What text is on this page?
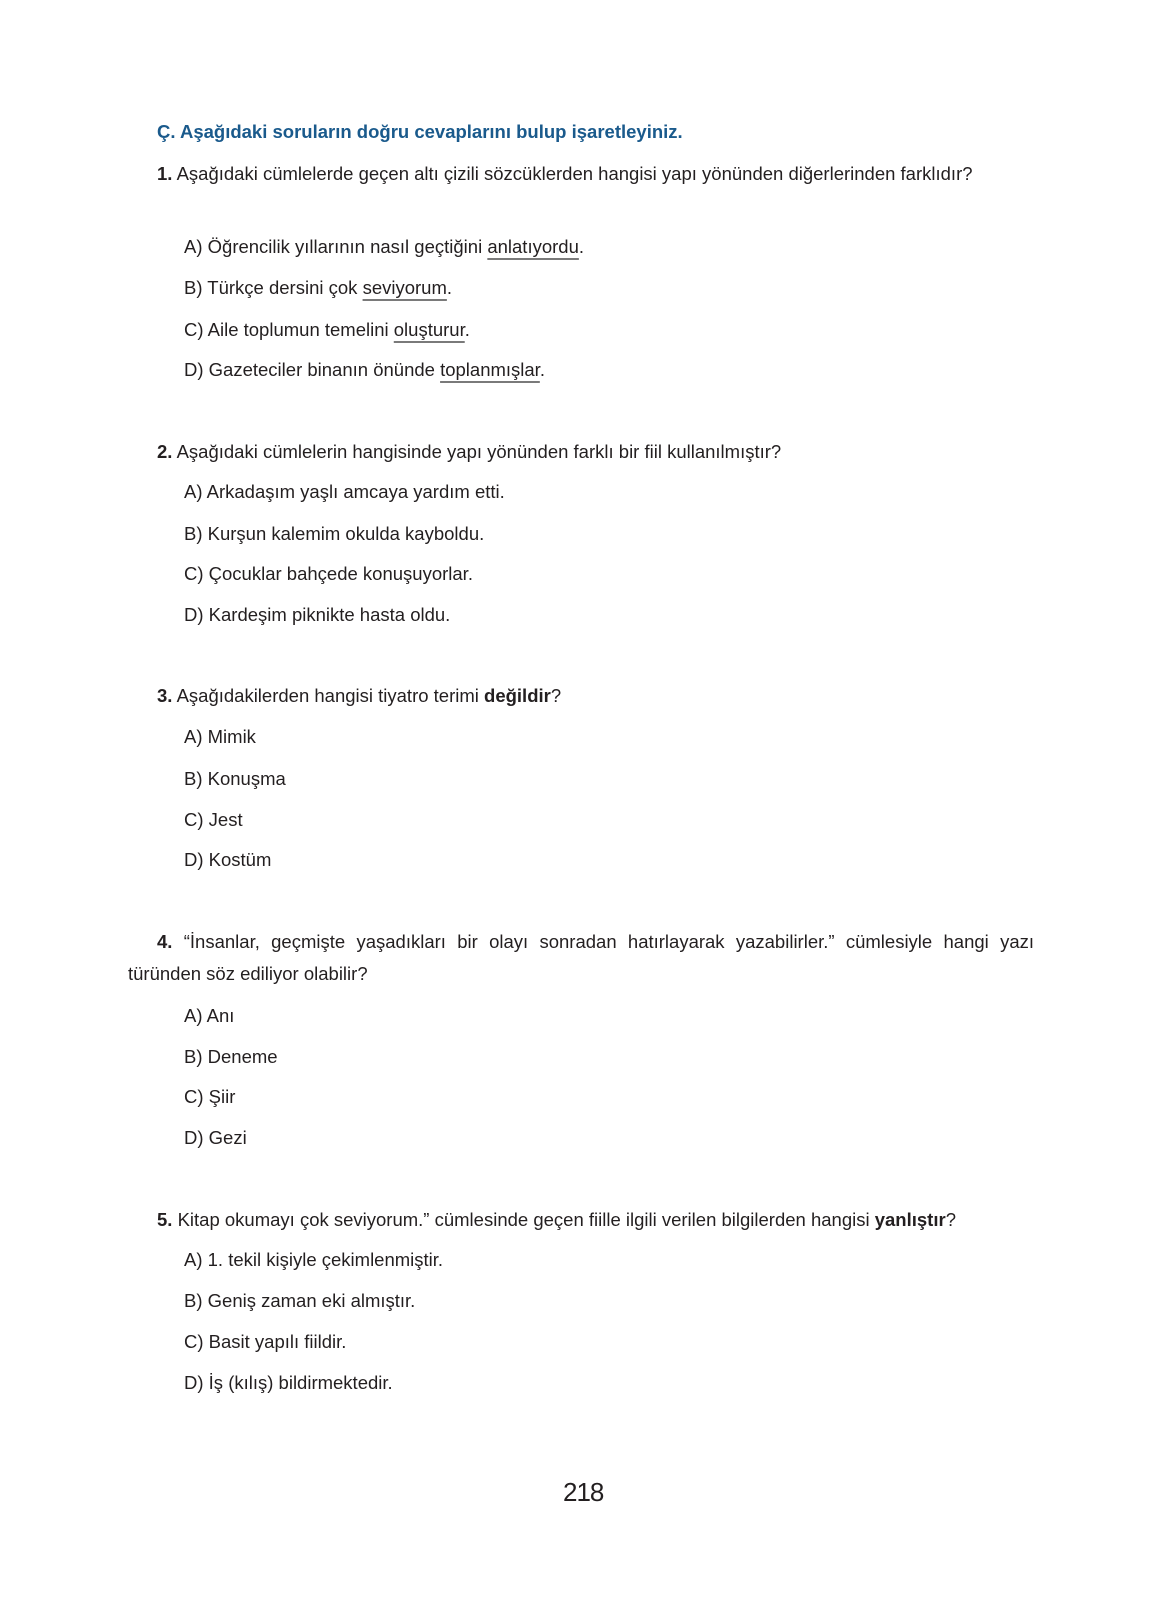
Ç. Aşağıdaki soruların doğru cevaplarını bulup işaretleyiniz.
1. Aşağıdaki cümlelerde geçen altı çizili sözcüklerden hangisi yapı yönünden diğerlerinden farklıdır?
A) Öğrencilik yıllarının nasıl geçtiğini anlatıyordu.
B) Türkçe dersini çok seviyorum.
C) Aile toplumun temelini oluşturur.
D) Gazeteciler binanın önünde toplanmışlar.
2. Aşağıdaki cümlelerin hangisinde yapı yönünden farklı bir fiil kullanılmıştır?
A) Arkadaşım yaşlı amcaya yardım etti.
B) Kurşun kalemim okulda kayboldu.
C) Çocuklar bahçede konuşuyorlar.
D) Kardeşim piknikte hasta oldu.
3. Aşağıdakilerden hangisi tiyatro terimi değildir?
A) Mimik
B) Konuşma
C) Jest
D) Kostüm
4. “İnsanlar, geçmişte yaşadıkları bir olayı sonradan hatırlayarak yazabilirler.” cümlesiyle hangi yazı türünden söz ediliyor olabilir?
A) Anı
B) Deneme
C) Şiir
D) Gezi
5. Kitap okumayı çok seviyorum.” cümlesinde geçen fiille ilgili verilen bilgilerden hangisi yanlıştır?
A) 1. tekil kişiyle çekimlenmiştir.
B) Geniş zaman eki almıştır.
C) Basit yapılı fiildir.
D) İş (kılış) bildirmektedir.
218
